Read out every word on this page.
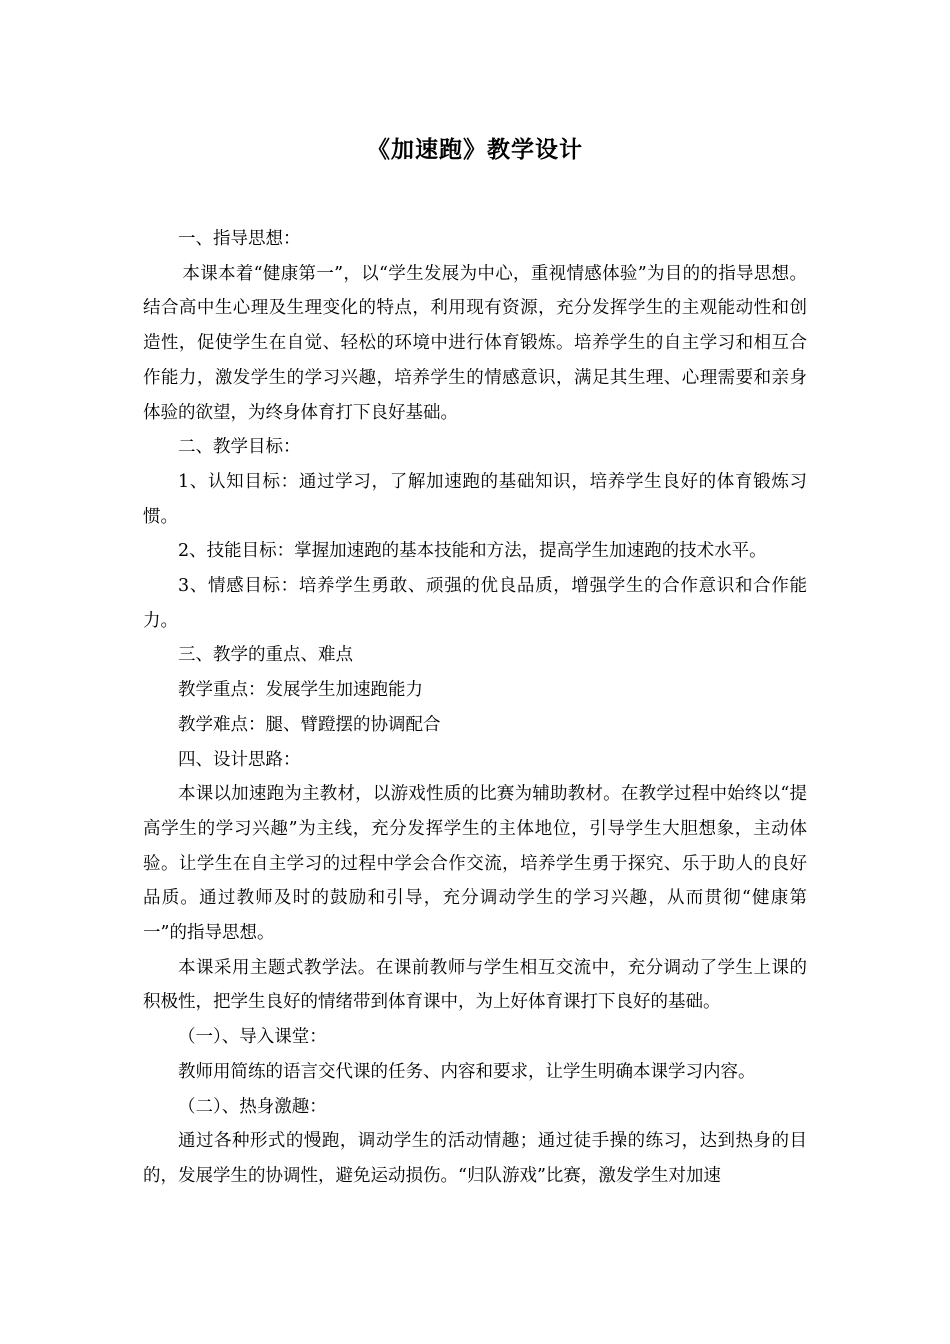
《加速跑》教学设计

一、指导思想：

本课本着“健康第一”，以“学生发展为中心，重视情感体验”为目的的指导思想。结合高中生心理及生理变化的特点，利用现有资源，充分发挥学生的主观能动性和创造性，促使学生在自觉、轻松的环境中进行体育锻炼。培养学生的自主学习和相互合作能力，激发学生的学习兴趣，培养学生的情感意识，满足其生理、心理需要和亲身体验的欲望，为终身体育打下良好基础。

二、教学目标：

1、认知目标：通过学习，了解加速跑的基础知识，培养学生良好的体育锻炼习惯。

2、技能目标：掌握加速跑的基本技能和方法，提高学生加速跑的技术水平。

3、情感目标：培养学生勇敢、顽强的优良品质，增强学生的合作意识和合作能力。

三、教学的重点、难点

教学重点：发展学生加速跑能力

教学难点：腿、臂蹬摆的协调配合

四、设计思路：

本课以加速跑为主教材，以游戏性质的比赛为辅助教材。在教学过程中始终以“提高学生的学习兴趣”为主线，充分发挥学生的主体地位，引导学生大胆想象，主动体验。让学生在自主学习的过程中学会合作交流，培养学生勇于探究、乐于助人的良好品质。通过教师及时的鼓励和引导，充分调动学生的学习兴趣，从而贯彻“健康第一”的指导思想。

本课采用主题式教学法。在课前教师与学生相互交流中，充分调动了学生上课的积极性，把学生良好的情绪带到体育课中，为上好体育课打下良好的基础。

（一）、导入课堂：

教师用简练的语言交代课的任务、内容和要求，让学生明确本课学习内容。

（二）、热身激趣：

通过各种形式的慢跑，调动学生的活动情趣；通过徒手操的练习，达到热身的目的，发展学生的协调性，避免运动损伤。“归队游戏”比赛，激发学生对加速
